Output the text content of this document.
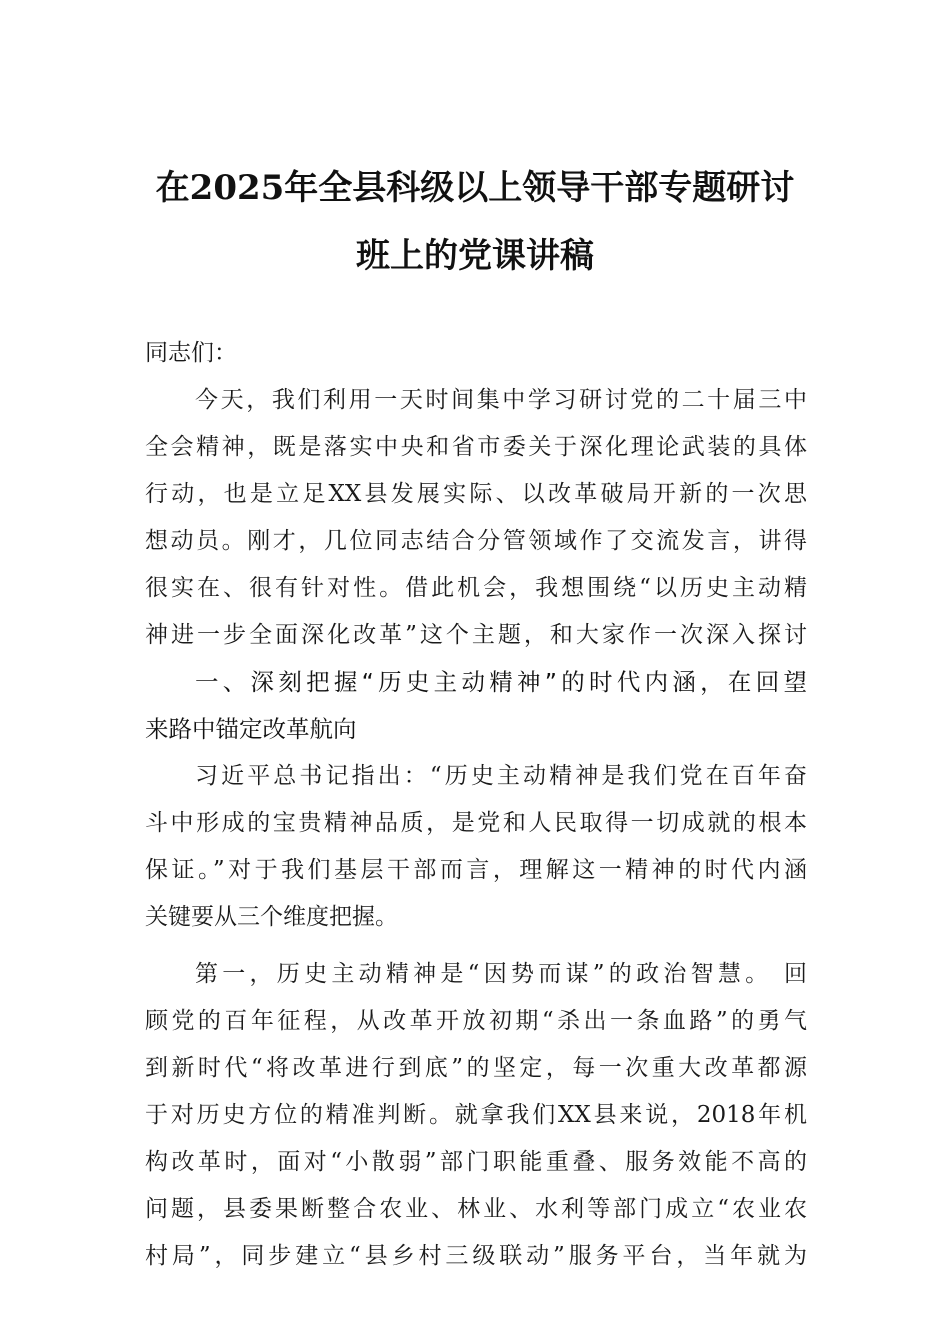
在2025年全县科级以上领导干部专题研讨
班上的党课讲稿
同志们：
今天，我们利用一天时间集中学习研讨党的二十届三中
全会精神，既是落实中央和省市委关于深化理论武装的具体
行动，也是立足XX县发展实际、以改革破局开新的一次思
想动员。刚才，几位同志结合分管领域作了交流发言，讲得
很实在、很有针对性。借此机会，我想围绕“以历史主动精
神进一步全面深化改革”这个主题，和大家作一次深入探讨
一、深刻把握“历史主动精神”的时代内涵，在回望
来路中锚定改革航向
习近平总书记指出：“历史主动精神是我们党在百年奋
斗中形成的宝贵精神品质，是党和人民取得一切成就的根本
保证。”对于我们基层干部而言，理解这一精神的时代内涵
关键要从三个维度把握。
第一，历史主动精神是“因势而谋”的政治智慧。 回
顾党的百年征程，从改革开放初期“杀出一条血路”的勇气
到新时代“将改革进行到底”的坚定，每一次重大改革都源
于对历史方位的精准判断。就拿我们XX县来说，2018年机
构改革时，面对“小散弱”部门职能重叠、服务效能不高的
问题，县委果断整合农业、林业、水利等部门成立“农业农
村局”，同步建立“县乡村三级联动”服务平台，当年就为
